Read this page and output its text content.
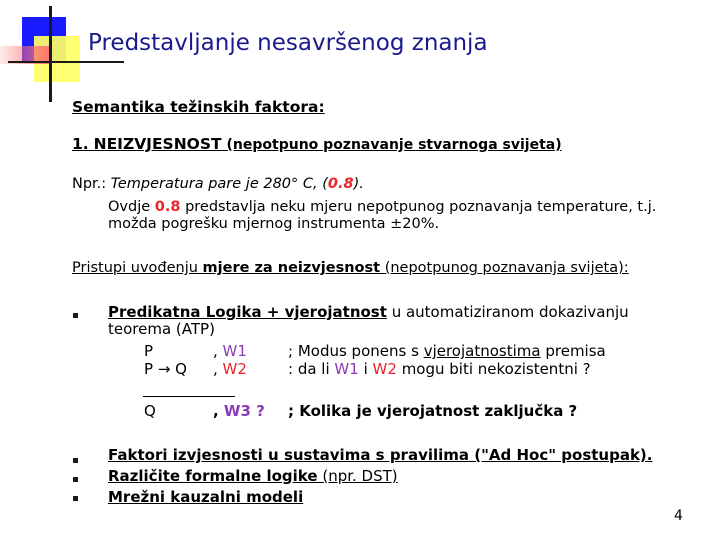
Predstavljanje nesavršenog znanja
Semantika težinskih faktora:
1. NEIZVJESNOST (nepotpuno poznavanje stvarnoga svijeta)
Npr.: Temperatura pare je 280° C, (0.8).
Ovdje 0.8 predstavlja neku mjeru nepotpunog poznavanja temperature, t.j.
možda pogrešku mjernog instrumenta ±20%.
Pristupi uvođenju mjere za neizvjesnost (nepotpunog poznavanja svijeta):
Predikatna Logika + vjerojatnost u automatiziranom dokazivanju
teorema (ATP)
P	, W1	; Modus ponens s vjerojatnostima premisa
P → Q , W2	: da li W1 i W2 mogu biti nekozistentni ?
Q	, W3 ? ; Kolika je vjerojatnost zaključka ?
Faktori izvjesnosti u sustavima s pravilima ("Ad Hoc" postupak).
Različite formalne logike (npr. DST)
Mrežni kauzalni modeli
4
